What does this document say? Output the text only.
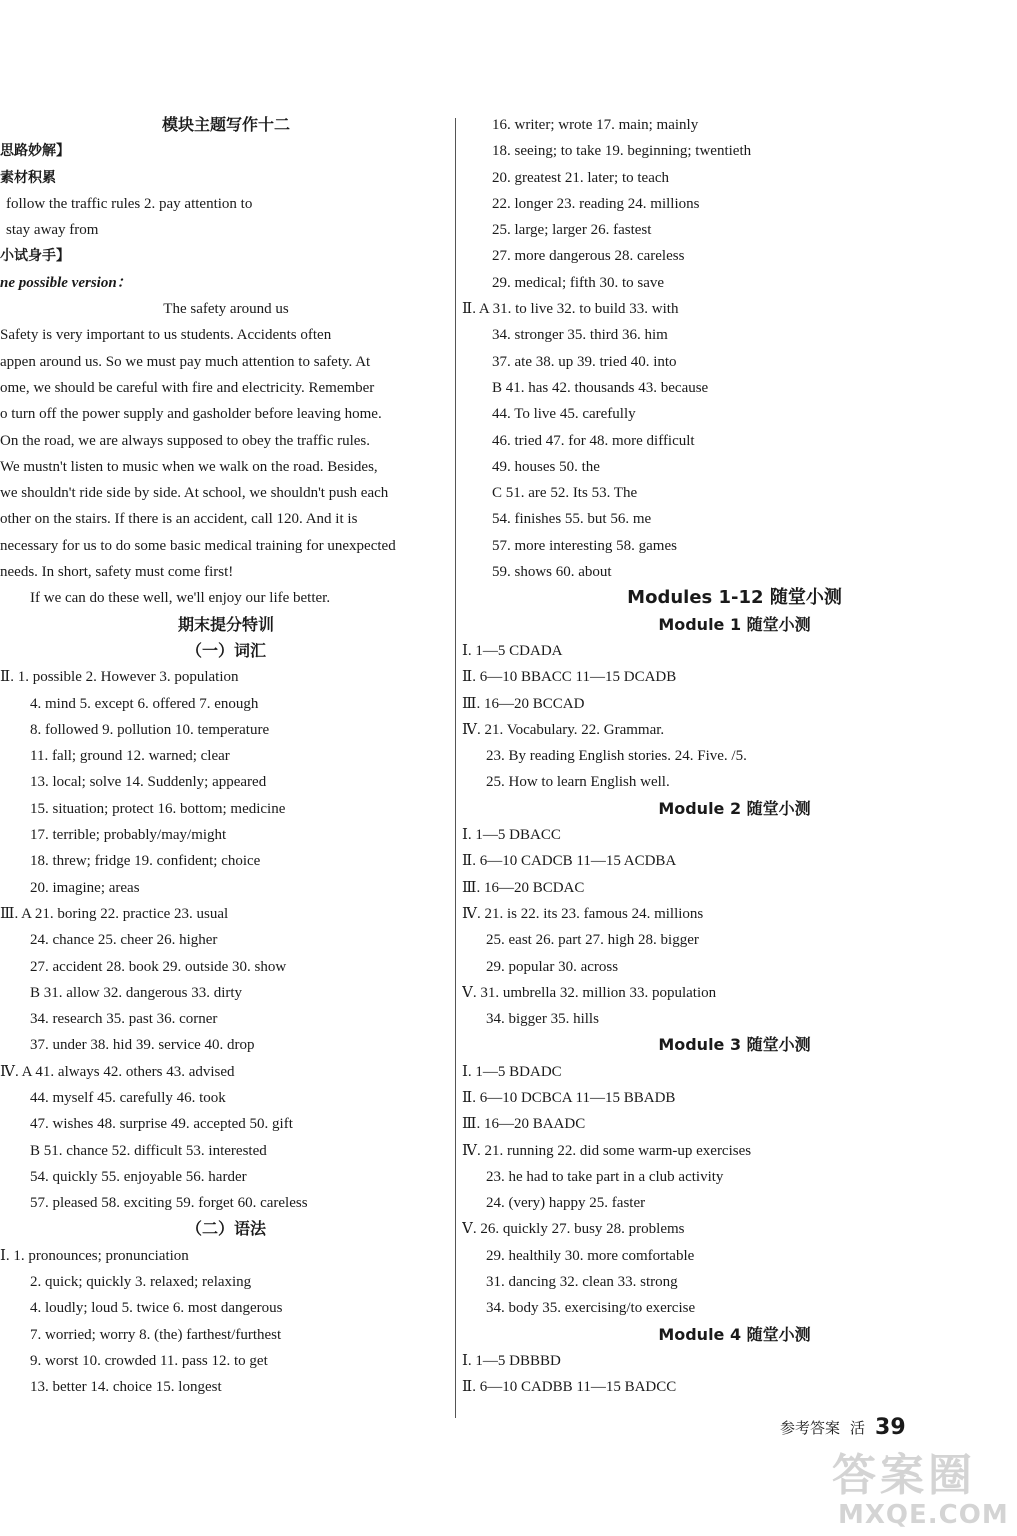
模块主题写作十二
思路妙解】
素材积累
follow the traffic rules 2. pay attention to
stay away from
小试身手】
ne possible version：
The safety around us
Safety is very important to us students. Accidents often
appen around us. So we must pay much attention to safety. At
ome, we should be careful with fire and electricity. Remember
o turn off the power supply and gasholder before leaving home.
On the road, we are always supposed to obey the traffic rules.
We mustn't listen to music when we walk on the road. Besides,
we shouldn't ride side by side. At school, we shouldn't push each
other on the stairs. If there is an accident, call 120. And it is
necessary for us to do some basic medical training for unexpected
needs. In short, safety must come first!
If we can do these well, we'll enjoy our life better.
期末提分特训
（一）词汇
Ⅱ. 1. possible 2. However 3. population
4. mind 5. except 6. offered 7. enough
8. followed 9. pollution 10. temperature
11. fall; ground 12. warned; clear
13. local; solve 14. Suddenly; appeared
15. situation; protect 16. bottom; medicine
17. terrible; probably/may/might
18. threw; fridge 19. confident; choice
20. imagine; areas
Ⅲ. A 21. boring 22. practice 23. usual
24. chance 25. cheer 26. higher
27. accident 28. book 29. outside 30. show
B 31. allow 32. dangerous 33. dirty
34. research 35. past 36. corner
37. under 38. hid 39. service 40. drop
Ⅳ. A 41. always 42. others 43. advised
44. myself 45. carefully 46. took
47. wishes 48. surprise 49. accepted 50. gift
B 51. chance 52. difficult 53. interested
54. quickly 55. enjoyable 56. harder
57. pleased 58. exciting 59. forget 60. careless
（二）语法
Ⅰ. 1. pronounces; pronunciation
2. quick; quickly 3. relaxed; relaxing
4. loudly; loud 5. twice 6. most dangerous
7. worried; worry 8. (the) farthest/furthest
9. worst 10. crowded 11. pass 12. to get
13. better 14. choice 15. longest
16. writer; wrote 17. main; mainly
18. seeing; to take 19. beginning; twentieth
20. greatest 21. later; to teach
22. longer 23. reading 24. millions
25. large; larger 26. fastest
27. more dangerous 28. careless
29. medical; fifth 30. to save
Ⅱ. A 31. to live 32. to build 33. with
34. stronger 35. third 36. him
37. ate 38. up 39. tried 40. into
B 41. has 42. thousands 43. because
44. To live 45. carefully
46. tried 47. for 48. more difficult
49. houses 50. the
C 51. are 52. Its 53. The
54. finishes 55. but 56. me
57. more interesting 58. games
59. shows 60. about
Modules 1-12 随堂小测
Module 1 随堂小测
Ⅰ. 1—5 CDADA
Ⅱ. 6—10 BBACC 11—15 DCADB
Ⅲ. 16—20 BCCAD
Ⅳ. 21. Vocabulary. 22. Grammar.
23. By reading English stories. 24. Five. /5.
25. How to learn English well.
Module 2 随堂小测
Ⅰ. 1—5 DBACC
Ⅱ. 6—10 CADCB 11—15 ACDBA
Ⅲ. 16—20 BCDAC
Ⅳ. 21. is 22. its 23. famous 24. millions
25. east 26. part 27. high 28. bigger
29. popular 30. across
Ⅴ. 31. umbrella 32. million 33. population
34. bigger 35. hills
Module 3 随堂小测
Ⅰ. 1—5 BDADC
Ⅱ. 6—10 DCBCA 11—15 BBADB
Ⅲ. 16—20 BAADC
Ⅳ. 21. running 22. did some warm-up exercises
23. he had to take part in a club activity
24. (very) happy 25. faster
Ⅴ. 26. quickly 27. busy 28. problems
29. healthily 30. more comfortable
31. dancing 32. clean 33. strong
34. body 35. exercising/to exercise
Module 4 随堂小测
Ⅰ. 1—5 DBBBD
Ⅱ. 6—10 CADBB 11—15 BADCC
参考答案 活 39
答案圈
MXQE.COM
